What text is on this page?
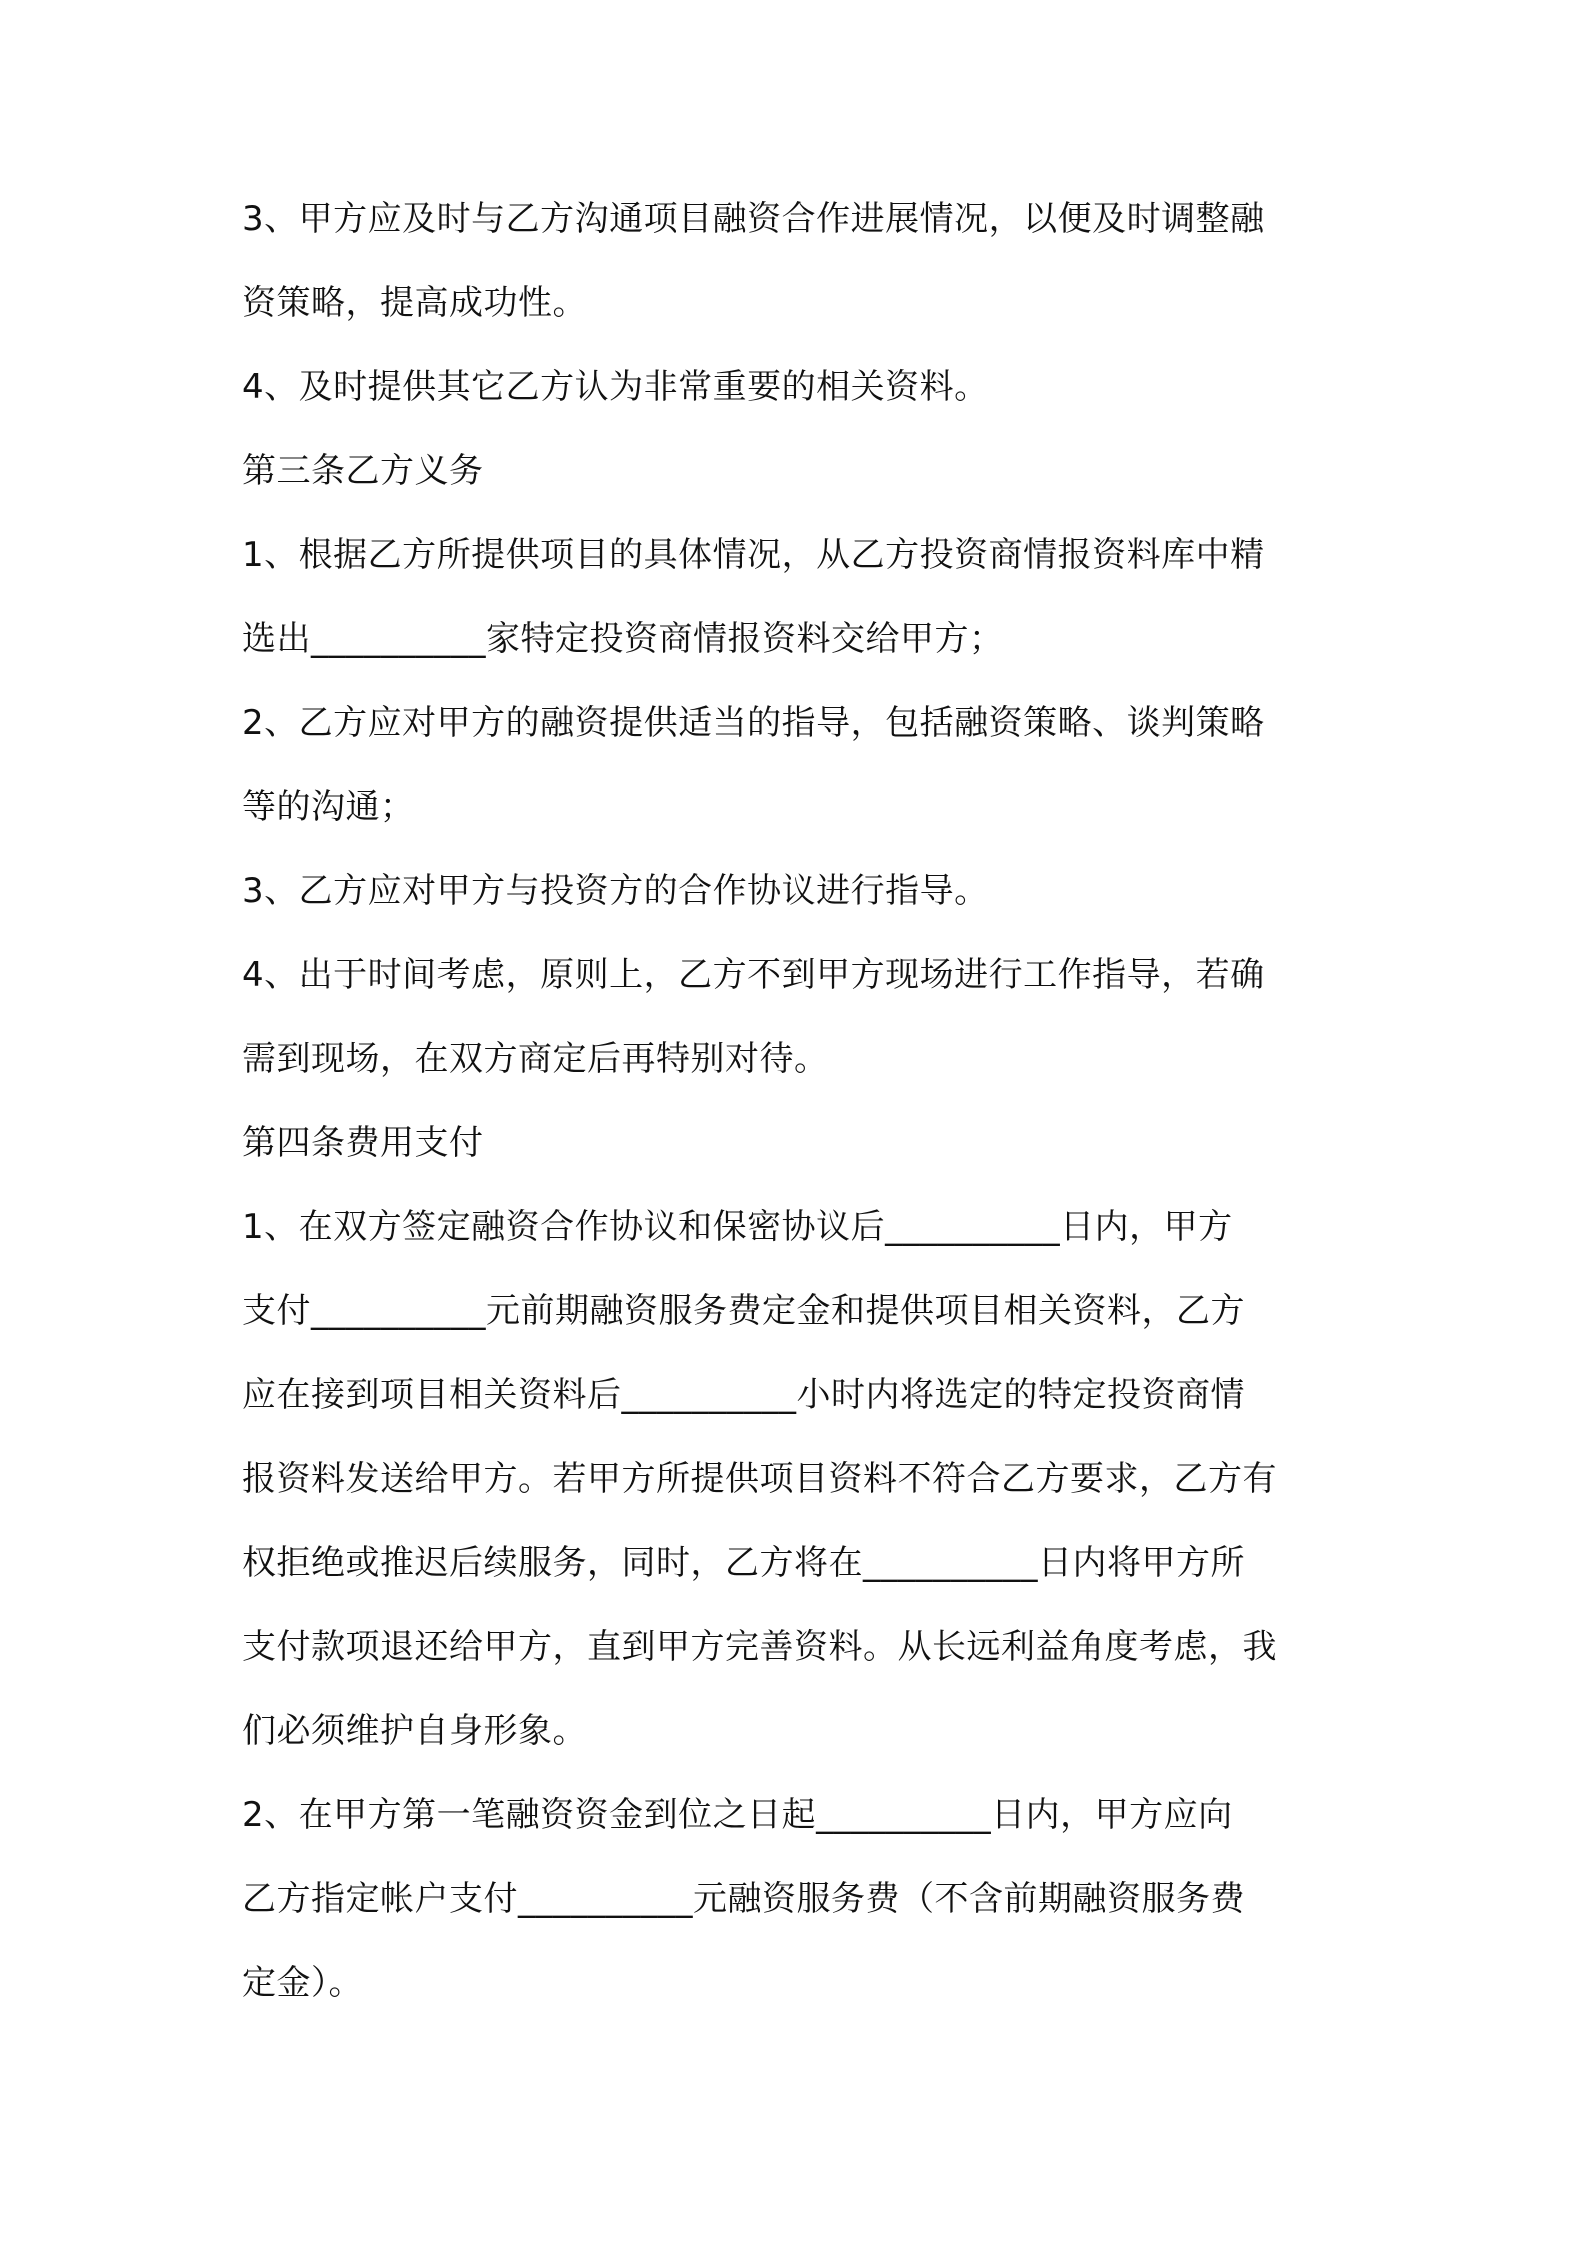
3、甲方应及时与乙方沟通项目融资合作进展情况，以便及时调整融
资策略，提高成功性。
4、及时提供其它乙方认为非常重要的相关资料。
第三条乙方义务
1、根据乙方所提供项目的具体情况，从乙方投资商情报资料库中精
选出__________家特定投资商情报资料交给甲方；
2、乙方应对甲方的融资提供适当的指导，包括融资策略、谈判策略
等的沟通；
3、乙方应对甲方与投资方的合作协议进行指导。
4、出于时间考虑，原则上，乙方不到甲方现场进行工作指导，若确
需到现场，在双方商定后再特别对待。
第四条费用支付
1、在双方签定融资合作协议和保密协议后__________日内，甲方
支付__________元前期融资服务费定金和提供项目相关资料，乙方
应在接到项目相关资料后__________小时内将选定的特定投资商情
报资料发送给甲方。若甲方所提供项目资料不符合乙方要求，乙方有
权拒绝或推迟后续服务，同时，乙方将在__________日内将甲方所
支付款项退还给甲方，直到甲方完善资料。从长远利益角度考虑，我
们必须维护自身形象。
2、在甲方第一笔融资资金到位之日起__________日内，甲方应向
乙方指定帐户支付__________元融资服务费（不含前期融资服务费
定金）。
